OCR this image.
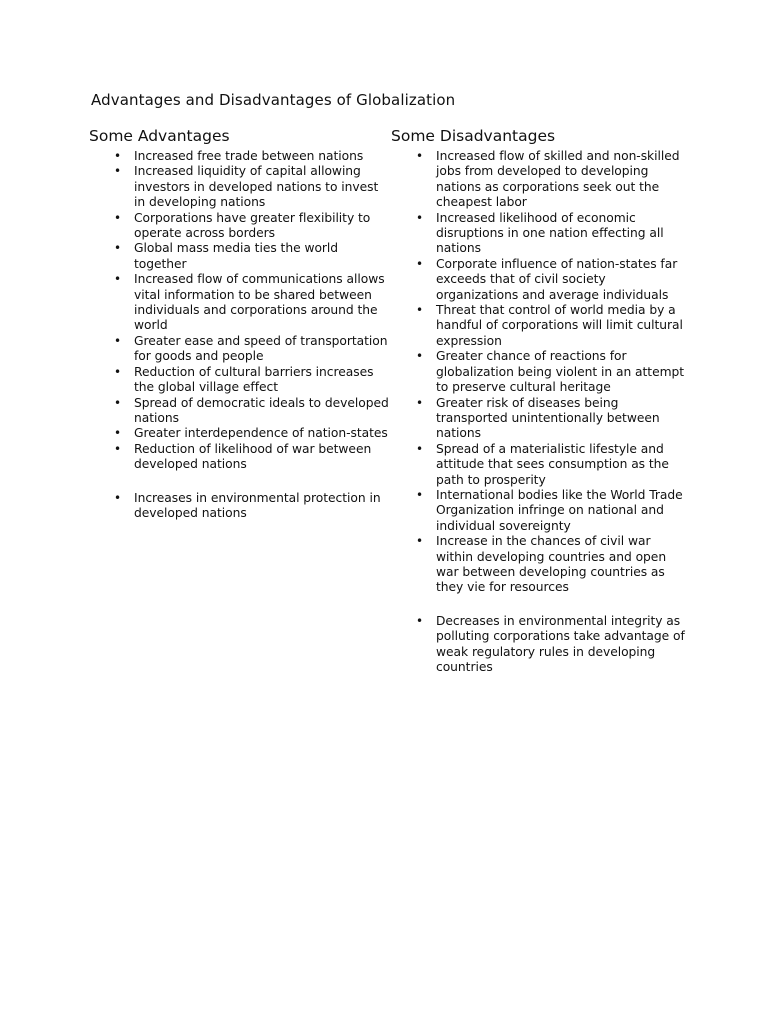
Advantages and Disadvantages of Globalization
Some Advantages
• Increased free trade between nations
• Increased liquidity of capital allowing investors in developed nations to invest in developing nations
• Corporations have greater flexibility to operate across borders
• Global mass media ties the world together
• Increased flow of communications allows vital information to be shared between individuals and corporations around the world
• Greater ease and speed of transportation for goods and people
• Reduction of cultural barriers increases the global village effect
• Spread of democratic ideals to developed nations
• Greater interdependence of nation-states
• Reduction of likelihood of war between developed nations
• Increases in environmental protection in developed nations
Some Disadvantages
• Increased flow of skilled and non-skilled jobs from developed to developing nations as corporations seek out the cheapest labor
• Increased likelihood of economic disruptions in one nation effecting all nations
• Corporate influence of nation-states far exceeds that of civil society organizations and average individuals
• Threat that control of world media by a handful of corporations will limit cultural expression
• Greater chance of reactions for globalization being violent in an attempt to preserve cultural heritage
• Greater risk of diseases being transported unintentionally between nations
• Spread of a materialistic lifestyle and attitude that sees consumption as the path to prosperity
• International bodies like the World Trade Organization infringe on national and individual sovereignty
• Increase in the chances of civil war within developing countries and open war between developing countries as they vie for resources
• Decreases in environmental integrity as polluting corporations take advantage of weak regulatory rules in developing countries
